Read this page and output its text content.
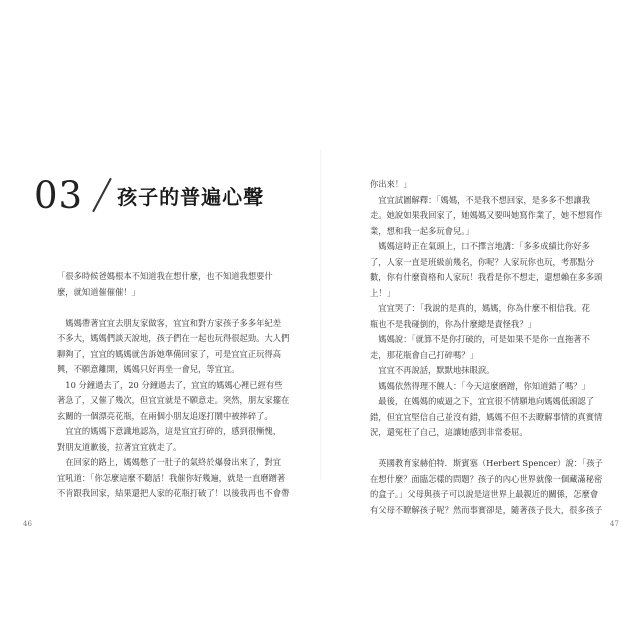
03 孩子的普遍心聲
「很多時候爸媽根本不知道我在想什麼，也不知道我想要什
麼，就知道催催催！」
　媽媽帶著宜宜去朋友家做客，宜宜和對方家孩子多多年紀差
不多大，媽媽們談天說地，孩子們在一起也玩得很起勁。大人們
聊夠了，宜宜的媽媽就吿訴她準備回家了，可是宜宜正玩得高
興，不願意離開，媽媽只好再坐一會兒，等宜宜。
　10 分鐘過去了，20 分鐘過去了，宜宜的媽媽心裡已經有些
著急了，又催了幾次，但宜宜就是不願意走。突然，朋友家擺在
玄關的一個漂亮花瓶，在兩個小朋友追逐打鬧中被摔碎了。
　宜宜的媽媽下意識地認為，這是宜宜打碎的，感到很慚愧，
對朋友道歉後，拉著宜宜就走了。
　在回家的路上，媽媽憋了一肚子的氣終於爆發出來了，對宜
宜吼道：「你怎麼這麼不聽話！我催你好幾遍，就是一直磨蹭著
不肯跟我回家，結果還把人家的花瓶打破了！以後我再也不會帶
46
你出來！」
　宜宜試圖解釋：「媽媽，不是我不想回家，是多多不想讓我
走。她說如果我回家了，她媽媽又要叫她寫作業了，她不想寫作
業，想和我一起多玩會兒。」
　媽媽這時正在氣頭上，口不擇言地講：「多多成績比你好多
了，人家一直是班級前幾名，你呢？人家玩你也玩，考那點分
數，你有什麼資格和人家玩！我看是你不想走，還想賴在多多頭
上！」
　宜宜哭了：「我說的是真的，媽媽，你為什麼不相信我。花
瓶也不是我碰倒的，你為什麼總是責怪我？」
　媽媽說：「就算不是你打破的，可是如果不是你一直拖著不
走，那花瓶會自己打碎嗎？」
　宜宜不再說話，默默地抹眼淚。
　媽媽依然得理不饒人：「今天這麼磨蹭，你知道錯了嗎？」
　最後，在媽媽的威逼之下，宜宜很不情願地向媽媽低頭認了
錯，但宜宜堅信自己並沒有錯，媽媽不但不去瞭解事情的真實情
況，還冤枉了自己，這讓她感到非常委屈。
　英國教育家赫伯特．斯賓塞（Herbert Spencer）說：「孩子
在想什麼？面臨怎樣的問題？孩子的內心世界就像一個藏滿秘密
的盒子。」父母與孩子可以說是這世界上最親近的關係，怎麼會
有父母不瞭解孩子呢？然而事實卻是，隨著孩子長大，很多孩子
47
